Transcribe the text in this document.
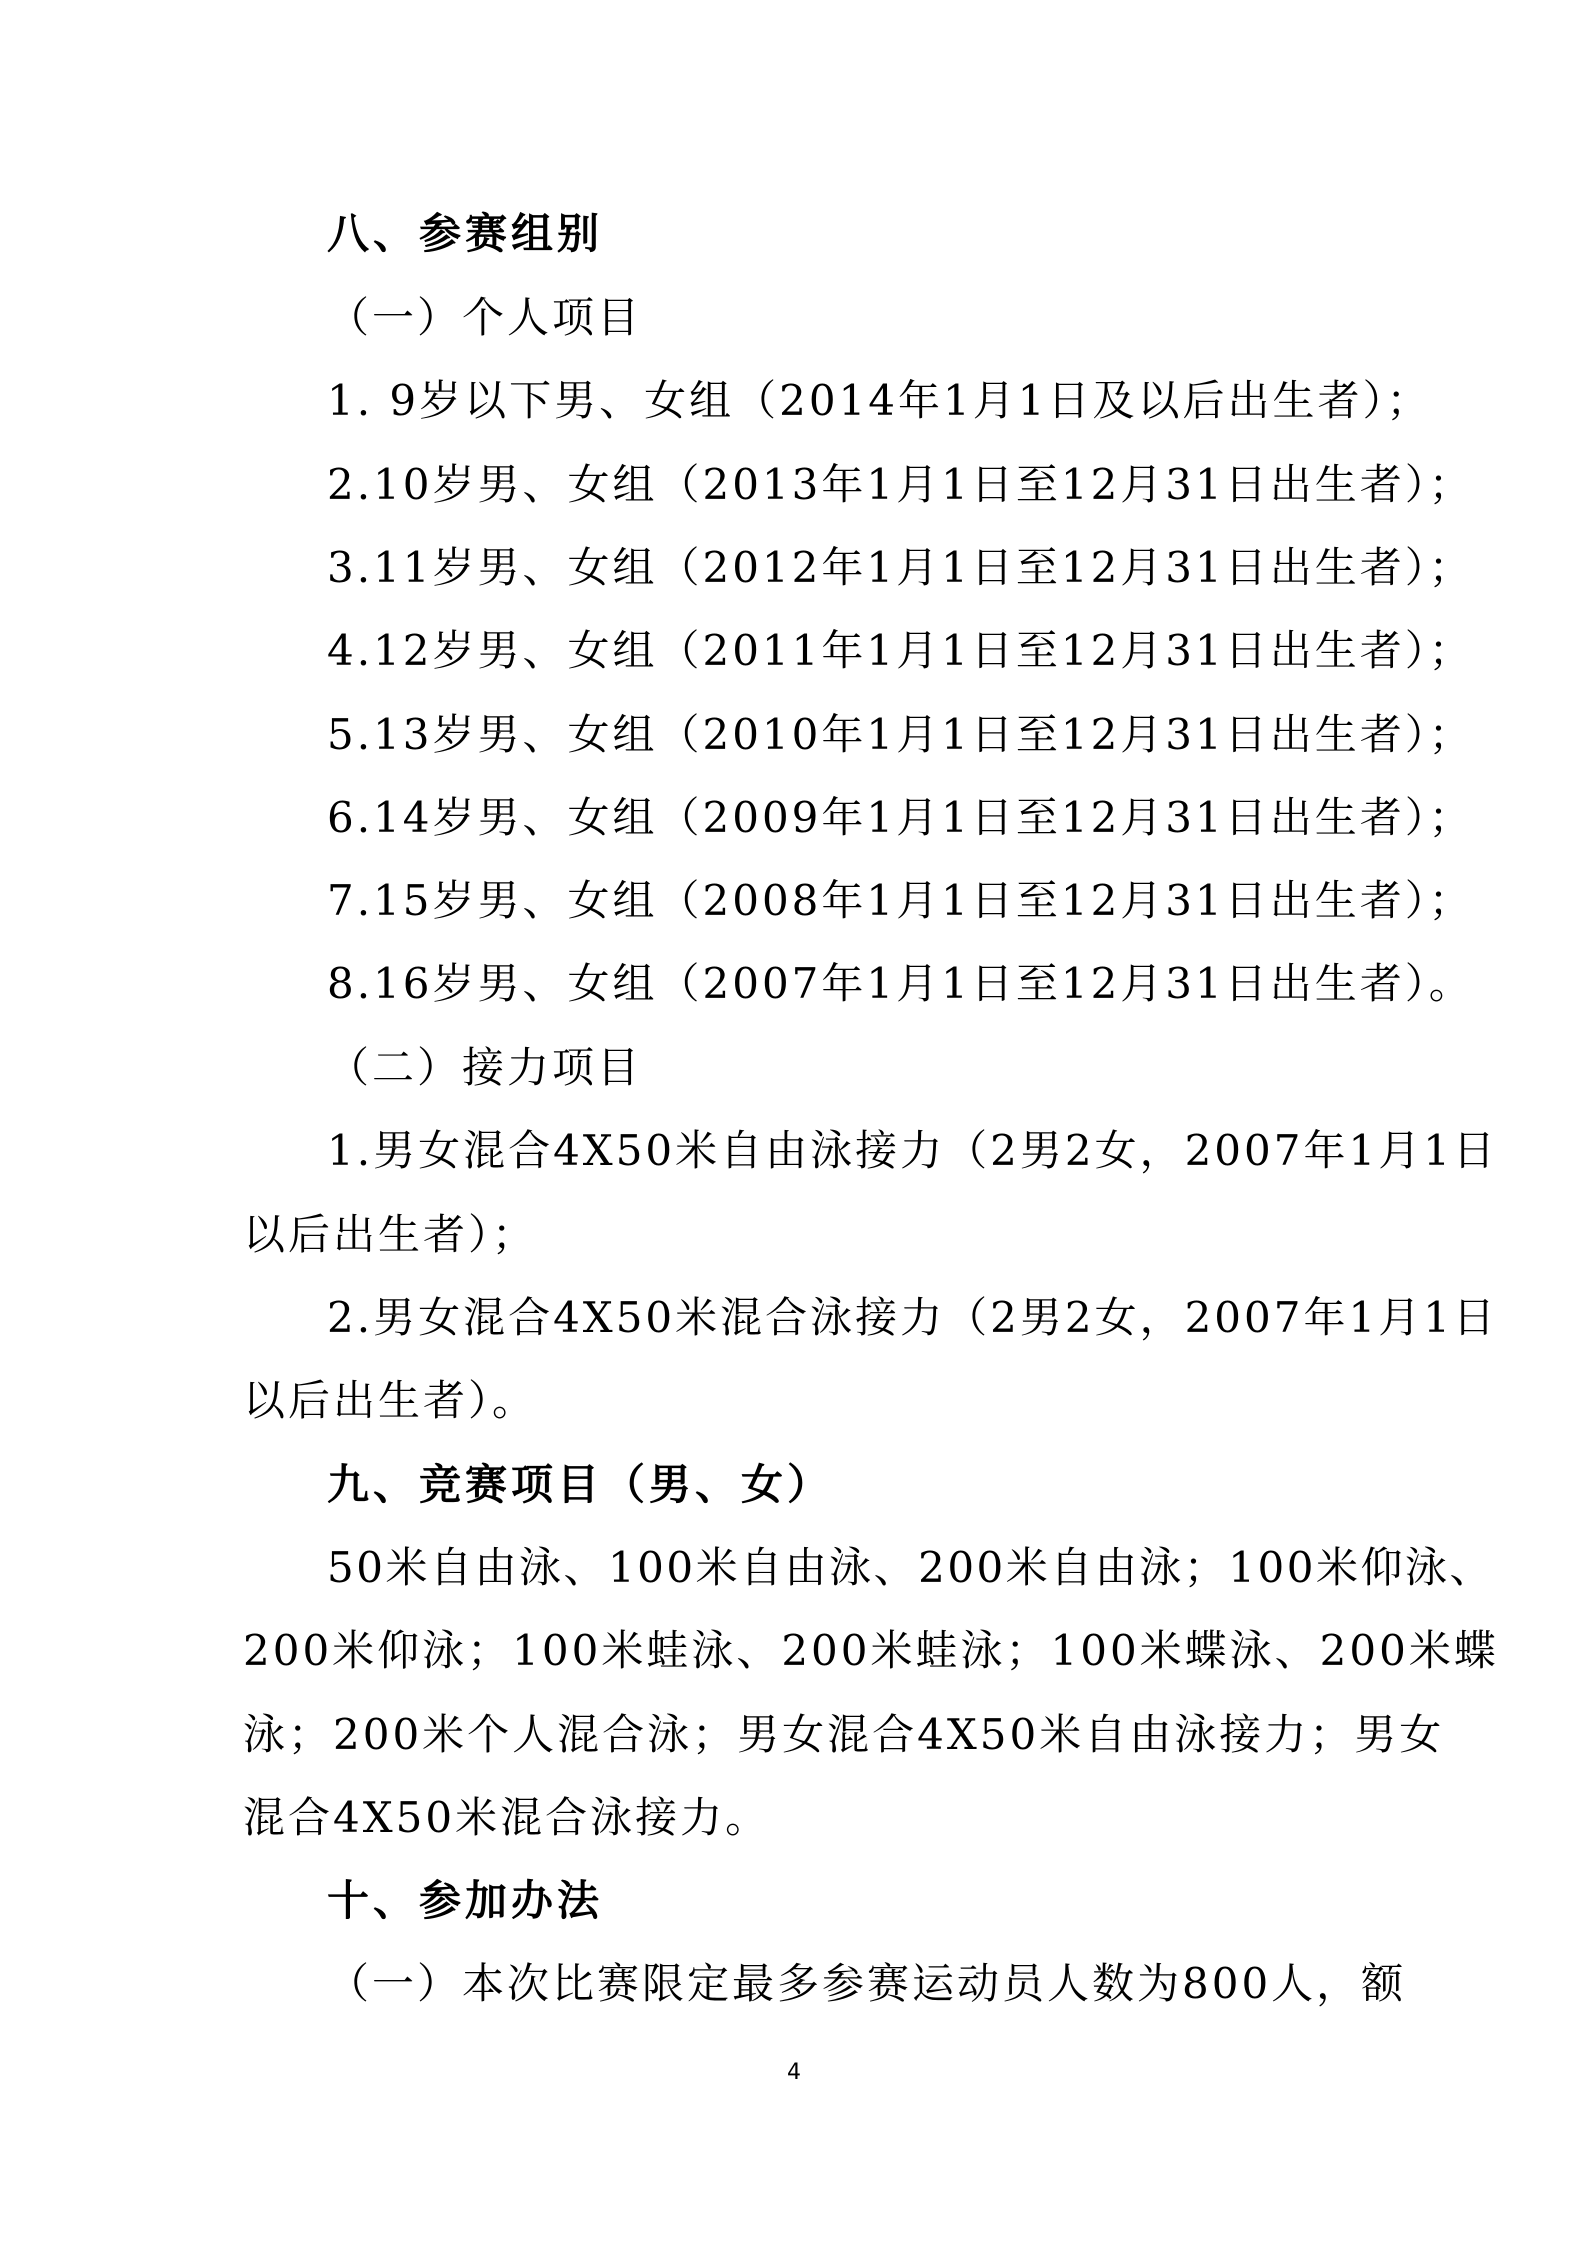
八、参赛组别
（一）个人项目
1. 9岁以下男、女组（2014年1月1日及以后出生者）；
2.10岁男、女组（2013年1月1日至12月31日出生者）；
3.11岁男、女组（2012年1月1日至12月31日出生者）；
4.12岁男、女组（2011年1月1日至12月31日出生者）；
5.13岁男、女组（2010年1月1日至12月31日出生者）；
6.14岁男、女组（2009年1月1日至12月31日出生者）；
7.15岁男、女组（2008年1月1日至12月31日出生者）；
8.16岁男、女组（2007年1月1日至12月31日出生者）。
（二）接力项目
1.男女混合4X50米自由泳接力（2男2女，2007年1月1日
以后出生者）；
2.男女混合4X50米混合泳接力（2男2女，2007年1月1日
以后出生者）。
九、竞赛项目（男、女）
50米自由泳、100米自由泳、200米自由泳；100米仰泳、
200米仰泳；100米蛙泳、200米蛙泳；100米蝶泳、200米蝶
泳；200米个人混合泳；男女混合4X50米自由泳接力；男女
混合4X50米混合泳接力。
十、参加办法
（一）本次比赛限定最多参赛运动员人数为800人，额
4
